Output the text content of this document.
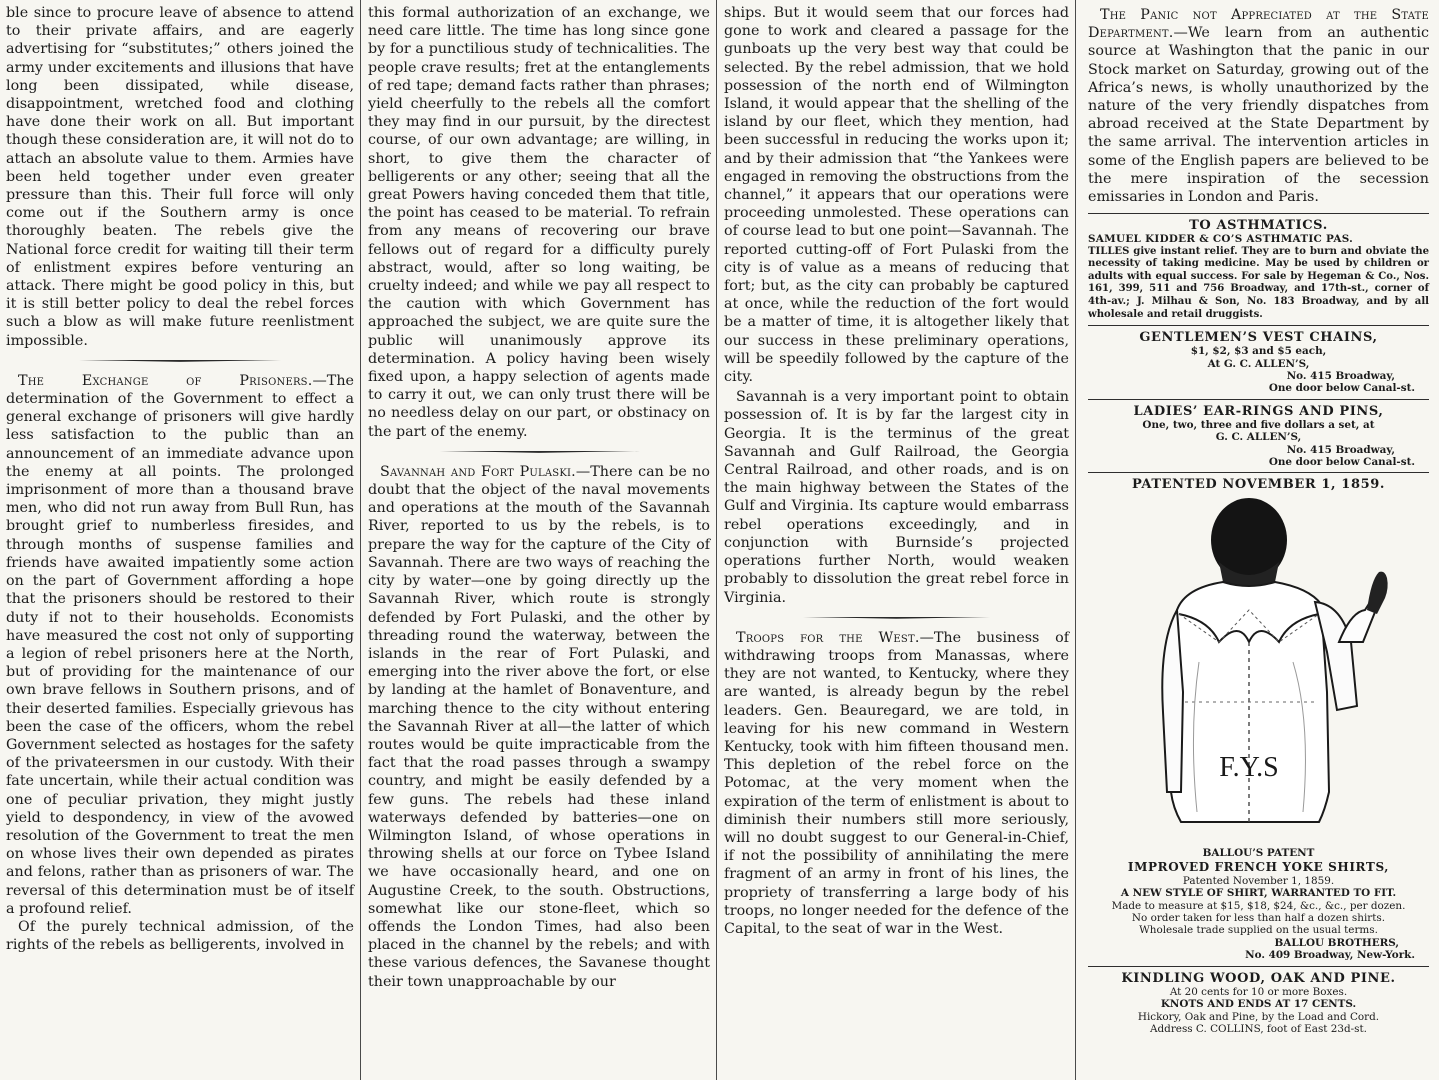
ble since to procure leave of absence to attend to their private affairs, and are eagerly advertising for “substitutes;” others joined the army under excitements and illusions that have long been dissipated, while disease, disappointment, wretched food and clothing have done their work on all. But important though these consideration are, it will not do to attach an absolute value to them. Armies have been held together under even greater pressure than this. Their full force will only come out if the Southern army is once thoroughly beaten. The rebels give the National force credit for waiting till their term of enlistment expires before venturing an attack. There might be good policy in this, but it is still better policy to deal the rebel forces such a blow as will make future reenlistment impossible.

The Exchange of Prisoners.—The determination of the Government to effect a general exchange of prisoners will give hardly less satisfaction to the public than an announcement of an immediate advance upon the enemy at all points. The prolonged imprisonment of more than a thousand brave men, who did not run away from Bull Run, has brought grief to numberless firesides, and through months of suspense families and friends have awaited impatiently some action on the part of Government affording a hope that the prisoners should be restored to their duty if not to their households. Economists have measured the cost not only of supporting a legion of rebel prisoners here at the North, but of providing for the maintenance of our own brave fellows in Southern prisons, and of their deserted families. Especially grievous has been the case of the officers, whom the rebel Government selected as hostages for the safety of the privateersmen in our custody. With their fate uncertain, while their actual condition was one of peculiar privation, they might justly yield to despondency, in view of the avowed resolution of the Government to treat the men on whose lives their own depended as pirates and felons, rather than as prisoners of war. The reversal of this determination must be of itself a profound relief.

Of the purely technical admission, of the rights of the rebels as belligerents, involved in

this formal authorization of an exchange, we need care little. The time has long since gone by for a punctilious study of technicalities. The people crave results; fret at the entanglements of red tape; demand facts rather than phrases; yield cheerfully to the rebels all the comfort they may find in our pursuit, by the directest course, of our own advantage; are willing, in short, to give them the character of belligerents or any other; seeing that all the great Powers having conceded them that title, the point has ceased to be material. To refrain from any means of recovering our brave fellows out of regard for a difficulty purely abstract, would, after so long waiting, be cruelty indeed; and while we pay all respect to the caution with which Government has approached the subject, we are quite sure the public will unanimously approve its determination. A policy having been wisely fixed upon, a happy selection of agents made to carry it out, we can only trust there will be no needless delay on our part, or obstinacy on the part of the enemy.

Savannah and Fort Pulaski.—There can be no doubt that the object of the naval movements and operations at the mouth of the Savannah River, reported to us by the rebels, is to prepare the way for the capture of the City of Savannah. There are two ways of reaching the city by water—one by going directly up the Savannah River, which route is strongly defended by Fort Pulaski, and the other by threading round the waterway, between the islands in the rear of Fort Pulaski, and emerging into the river above the fort, or else by landing at the hamlet of Bonaventure, and marching thence to the city without entering the Savannah River at all—the latter of which routes would be quite impracticable from the fact that the road passes through a swampy country, and might be easily defended by a few guns. The rebels had these inland waterways defended by batteries—one on Wilmington Island, of whose operations in throwing shells at our force on Tybee Island we have occasionally heard, and one on Augustine Creek, to the south. Obstructions, somewhat like our stone-fleet, which so offends the London Times, had also been placed in the channel by the rebels; and with these various defences, the Savanese thought their town unapproachable by our

ships. But it would seem that our forces had gone to work and cleared a passage for the gunboats up the very best way that could be selected. By the rebel admission, that we hold possession of the north end of Wilmington Island, it would appear that the shelling of the island by our fleet, which they mention, had been successful in reducing the works upon it; and by their admission that “the Yankees were engaged in removing the obstructions from the channel,” it appears that our operations were proceeding unmolested. These operations can of course lead to but one point—Savannah. The reported cutting-off of Fort Pulaski from the city is of value as a means of reducing that fort; but, as the city can probably be captured at once, while the reduction of the fort would be a matter of time, it is altogether likely that our success in these preliminary operations, will be speedily followed by the capture of the city.

Savannah is a very important point to obtain possession of. It is by far the largest city in Georgia. It is the terminus of the great Savannah and Gulf Railroad, the Georgia Central Railroad, and other roads, and is on the main highway between the States of the Gulf and Virginia. Its capture would embarrass rebel operations exceedingly, and in conjunction with Burnside’s projected operations further North, would weaken probably to dissolution the great rebel force in Virginia.

Troops for the West.—The business of withdrawing troops from Manassas, where they are not wanted, to Kentucky, where they are wanted, is already begun by the rebel leaders. Gen. Beauregard, we are told, in leaving for his new command in Western Kentucky, took with him fifteen thousand men. This depletion of the rebel force on the Potomac, at the very moment when the expiration of the term of enlistment is about to diminish their numbers still more seriously, will no doubt suggest to our General-in-Chief, if not the possibility of annihilating the mere fragment of an army in front of his lines, the propriety of transferring a large body of his troops, no longer needed for the defence of the Capital, to the seat of war in the West.

The Panic not Appreciated at the State Department.—We learn from an authentic source at Washington that the panic in our Stock market on Saturday, growing out of the Africa’s news, is wholly unauthorized by the nature of the very friendly dispatches from abroad received at the State Department by the same arrival. The intervention articles in some of the English papers are believed to be the mere inspiration of the secession emissaries in London and Paris.

TO ASTHMATICS.
SAMUEL KIDDER & CO’S ASTHMATIC PAS.
TILLES give instant relief. They are to burn and obviate the necessity of taking medicine. May be used by children or adults with equal success. For sale by Hegeman & Co., Nos. 161, 399, 511 and 756 Broadway, and 17th-st., corner of 4th-av.; J. Milhau & Son, No. 183 Broadway, and by all wholesale and retail druggists.
GENTLEMEN’S VEST CHAINS,
$1, $2, $3 and $5 each,
At G. C. ALLEN’S,
No. 415 Broadway,
One door below Canal-st.
LADIES’ EAR-RINGS AND PINS,
One, two, three and five dollars a set, at
G. C. ALLEN’S,
No. 415 Broadway,
One door below Canal-st.
PATENTED NOVEMBER 1, 1859.
F.Y.S
BALLOU’S PATENT
IMPROVED FRENCH YOKE SHIRTS,
Patented November 1, 1859.
A NEW STYLE OF SHIRT, WARRANTED TO FIT.
Made to measure at $15, $18, $24, &c., &c., per dozen.
No order taken for less than half a dozen shirts.
Wholesale trade supplied on the usual terms.
BALLOU BROTHERS,
No. 409 Broadway, New-York.
KINDLING WOOD, OAK AND PINE.
At 20 cents for 10 or more Boxes.
KNOTS AND ENDS AT 17 CENTS.
Hickory, Oak and Pine, by the Load and Cord.
Address C. COLLINS, foot of East 23d-st.
